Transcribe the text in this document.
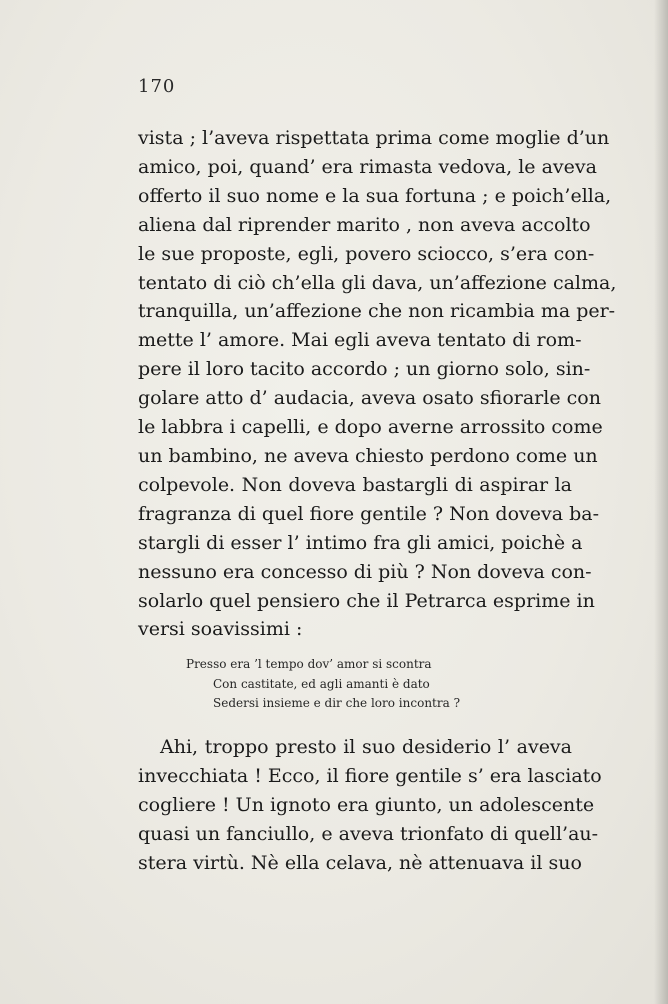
170
vista ; l’aveva rispettata prima come moglie d’un
amico, poi, quand’ era rimasta vedova, le aveva
offerto il suo nome e la sua fortuna ; e poich’ella,
aliena dal riprender marito , non aveva accolto
le sue proposte, egli, povero sciocco, s’era con-
tentato di ciò ch’ella gli dava, un’affezione calma,
tranquilla, un’affezione che non ricambia ma per-
mette l’ amore. Mai egli aveva tentato di rom-
pere il loro tacito accordo ; un giorno solo, sin-
golare atto d’ audacia, aveva osato sfiorarle con
le labbra i capelli, e dopo averne arrossito come
un bambino, ne aveva chiesto perdono come un
colpevole. Non doveva bastargli di aspirar la
fragranza di quel fiore gentile ? Non doveva ba-
stargli di esser l’ intimo fra gli amici, poichè a
nessuno era concesso di più ? Non doveva con-
solarlo quel pensiero che il Petrarca esprime in
versi soavissimi :
Presso era ’l tempo dov’ amor si scontra
Con castitate, ed agli amanti è dato
Sedersi insieme e dir che loro incontra ?
Ahi, troppo presto il suo desiderio l’ aveva
invecchiata ! Ecco, il fiore gentile s’ era lasciato
cogliere ! Un ignoto era giunto, un adolescente
quasi un fanciullo, e aveva trionfato di quell’au-
stera virtù. Nè ella celava, nè attenuava il suo
